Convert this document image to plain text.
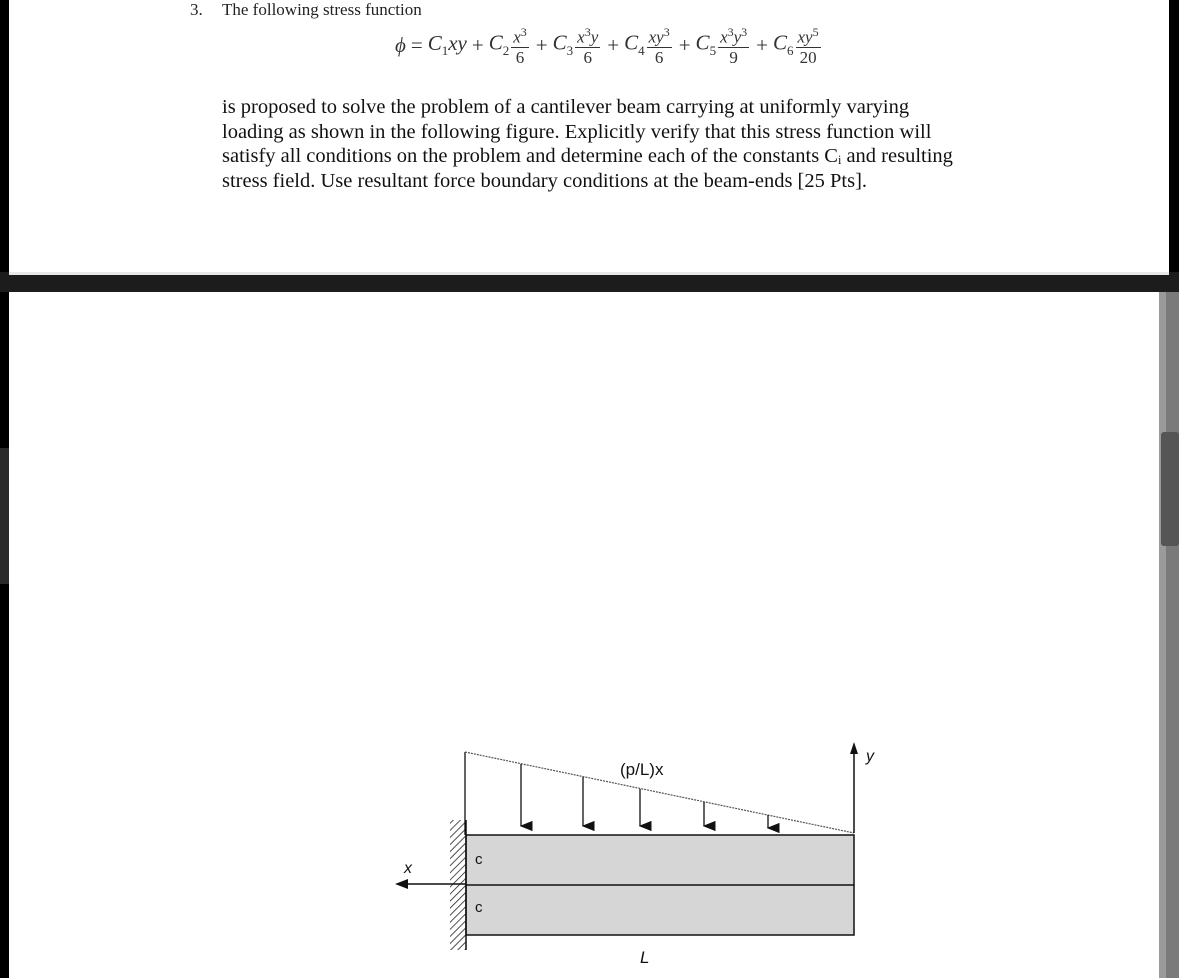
3. The following stress function
$\phi = C_1xy + C_2 \frac{x^3}{6} + C_3 \frac{x^3y}{6} + C_4 \frac{xy^3}{6} + C_5 \frac{x^3y^3}{9} + C_6 \frac{xy^5}{20}$
is proposed to solve the problem of a cantilever beam carrying at uniformly varying
loading as shown in the following figure. Explicitly verify that this stress function will
satisfy all conditions on the problem and determine each of the constants Cᵢ and resulting
stress field. Use resultant force boundary conditions at the beam-ends [25 Pts].
(p/L)x
y
x
c
c
L
